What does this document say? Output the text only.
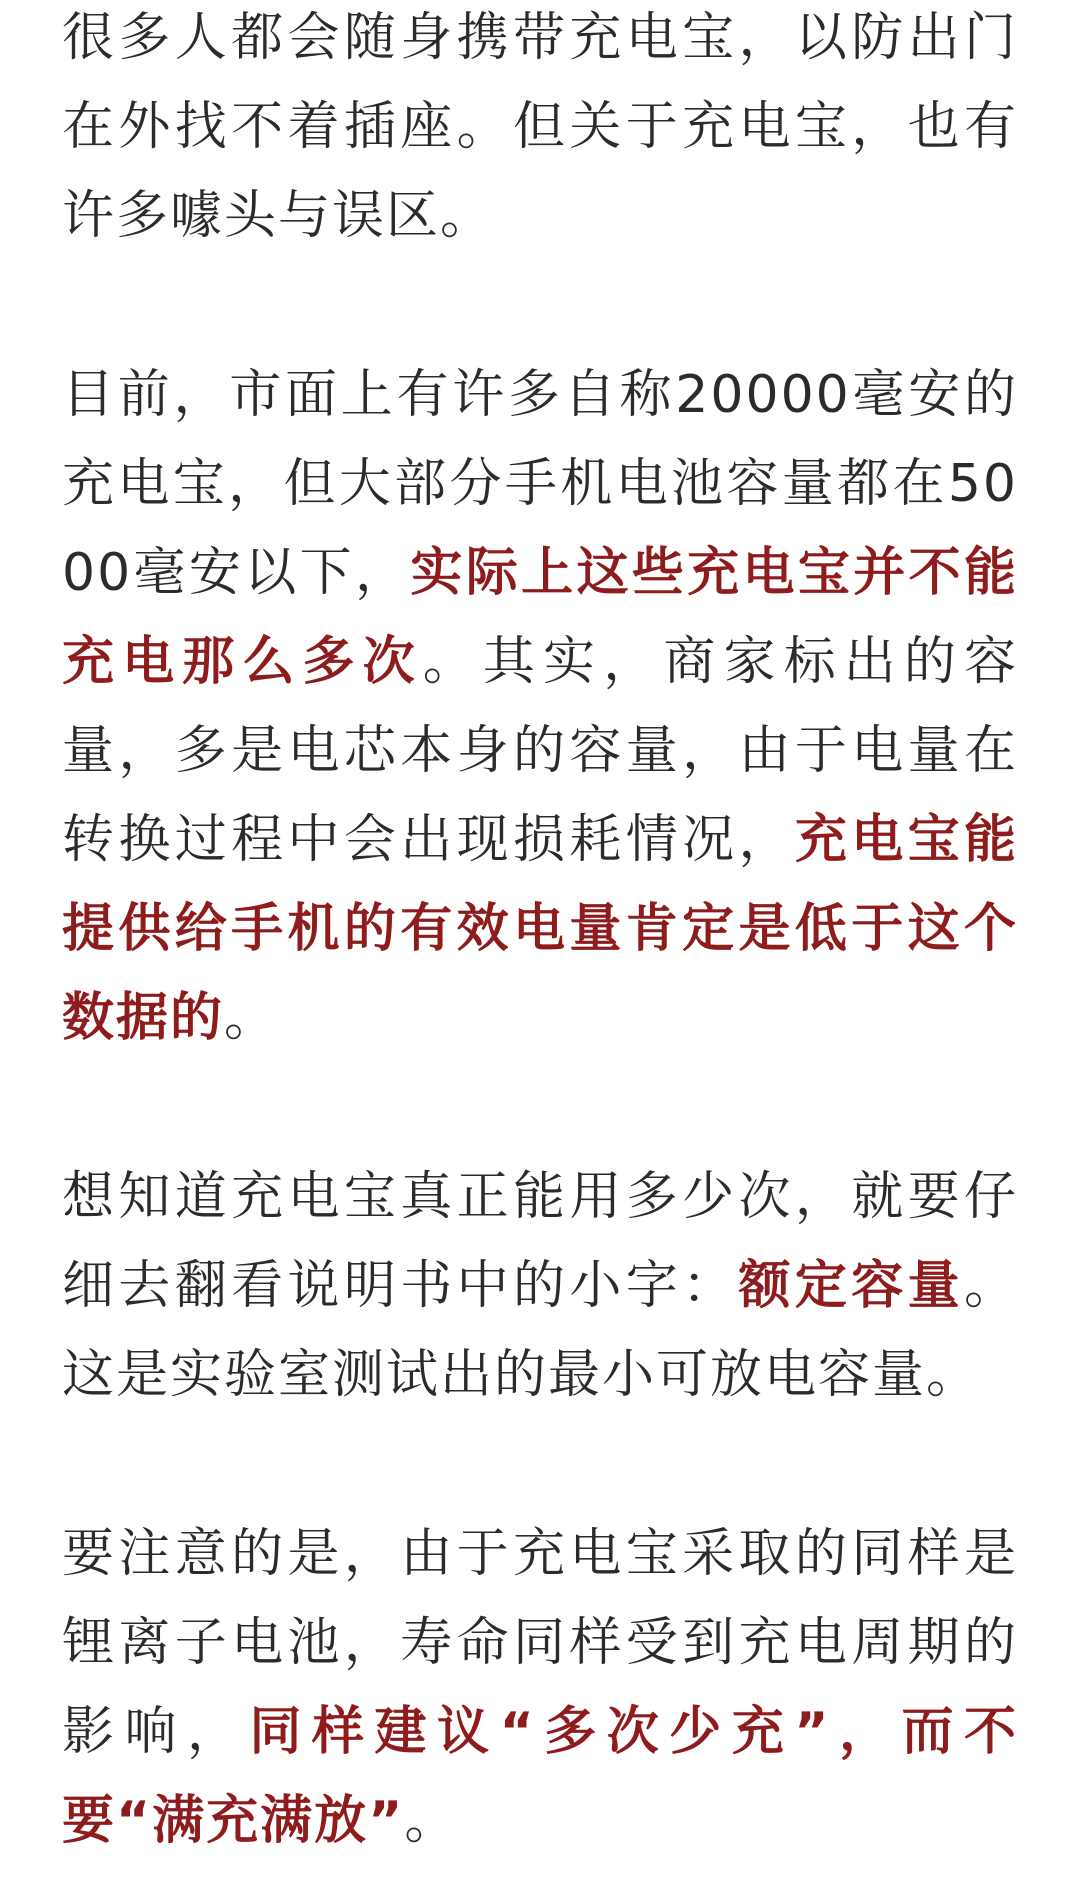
很多人都会随身携带充电宝，以防出门在外找不着插座。但关于充电宝，也有许多噱头与误区。

目前，市面上有许多自称20000毫安的充电宝，但大部分手机电池容量都在5000毫安以下，实际上这些充电宝并不能充电那么多次。其实，商家标出的容量，多是电芯本身的容量，由于电量在转换过程中会出现损耗情况，充电宝能提供给手机的有效电量肯定是低于这个数据的。

想知道充电宝真正能用多少次，就要仔细去翻看说明书中的小字：额定容量。这是实验室测试出的最小可放电容量。

要注意的是，由于充电宝采取的同样是锂离子电池，寿命同样受到充电周期的影响，同样建议“多次少充”，而不要“满充满放”。
